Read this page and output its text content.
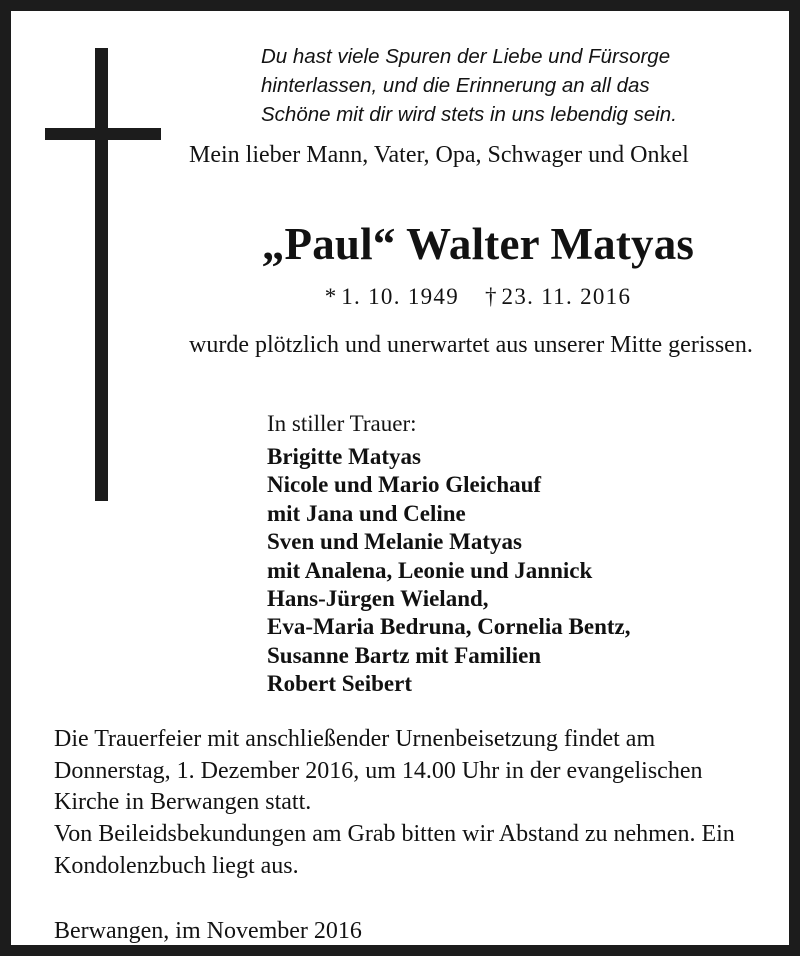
Du hast viele Spuren der Liebe und Fürsorge
hinterlassen, und die Erinnerung an all das
Schöne mit dir wird stets in uns lebendig sein.
Mein lieber Mann, Vater, Opa, Schwager und Onkel
„Paul“ Walter Matyas
* 1. 10. 1949 † 23. 11. 2016
wurde plötzlich und unerwartet aus unserer Mitte gerissen.
In stiller Trauer:
Brigitte Matyas
Nicole und Mario Gleichauf
mit Jana und Celine
Sven und Melanie Matyas
mit Analena, Leonie und Jannick
Hans-Jürgen Wieland,
Eva-Maria Bedruna, Cornelia Bentz,
Susanne Bartz mit Familien
Robert Seibert
Die Trauerfeier mit anschließender Urnenbeisetzung findet am Donnerstag, 1. Dezember 2016, um 14.00 Uhr in der evangelischen Kirche in Berwangen statt.
Von Beileidsbekundungen am Grab bitten wir Abstand zu nehmen. Ein Kondolenzbuch liegt aus.
Berwangen, im November 2016
